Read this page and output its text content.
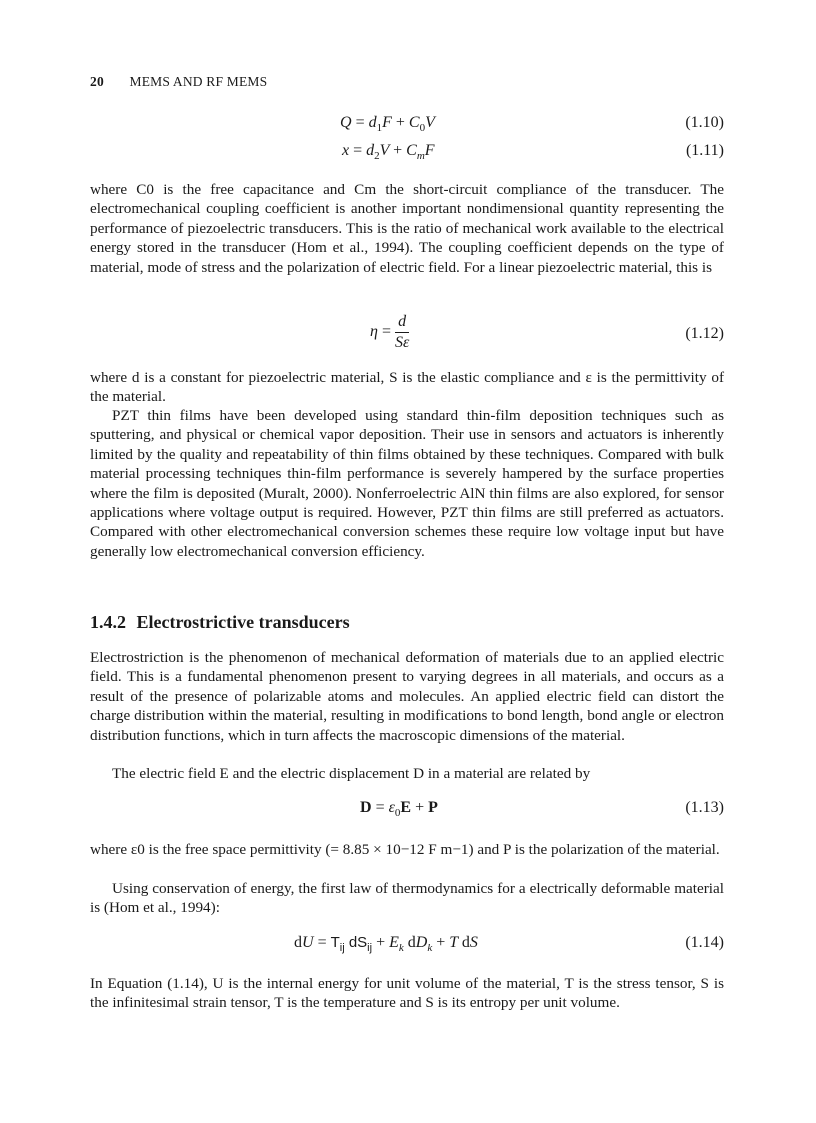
20 MEMS AND RF MEMS
$Q = d_1F + C_0V$	(1.10)
$x = d_2V + C_mF$	(1.11)

where C0 is the free capacitance and Cm the short-circuit compliance of the transducer. The electromechanical coupling coefficient is another important nondimensional quantity representing the performance of piezoelectric transducers. This is the ratio of mechanical work available to the electrical energy stored in the transducer (Hom et al., 1994). The coupling coefficient depends on the type of material, mode of stress and the polarization of electric field. For a linear piezoelectric material, this is

$\eta = \frac{d}{S\varepsilon}$	(1.12)

where d is a constant for piezoelectric material, S is the elastic compliance and ε is the permittivity of the material.

PZT thin films have been developed using standard thin-film deposition techniques such as sputtering, and physical or chemical vapor deposition. Their use in sensors and actuators is inherently limited by the quality and repeatability of thin films obtained by these techniques. Compared with bulk material processing techniques thin-film performance is severely hampered by the surface properties where the film is deposited (Muralt, 2000). Nonferroelectric AlN thin films are also explored, for sensor applications where voltage output is required. However, PZT thin films are still preferred as actuators. Compared with other electromechanical conversion schemes these require low voltage input but have generally low electromechanical conversion efficiency.

1.4.2 Electrostrictive transducers

Electrostriction is the phenomenon of mechanical deformation of materials due to an applied electric field. This is a fundamental phenomenon present to varying degrees in all materials, and occurs as a result of the presence of polarizable atoms and molecules. An applied electric field can distort the charge distribution within the material, resulting in modifications to bond length, bond angle or electron distribution functions, which in turn affects the macroscopic dimensions of the material.

The electric field E and the electric displacement D in a material are related by

$D = \varepsilon_0E + P$	(1.13)

where ε0 is the free space permittivity (= 8.85 × 10−12 F m−1) and P is the polarization of the material.

Using conservation of energy, the first law of thermodynamics for a electrically deformable material is (Hom et al., 1994):

dU = $T_{ij}$ $dS_{ij} + E_k$ $dD_k + T$ dS	(1.14)

In Equation (1.14), U is the internal energy for unit volume of the material, T is the stress tensor, S is the infinitesimal strain tensor, T is the temperature and S is its entropy per unit volume.
